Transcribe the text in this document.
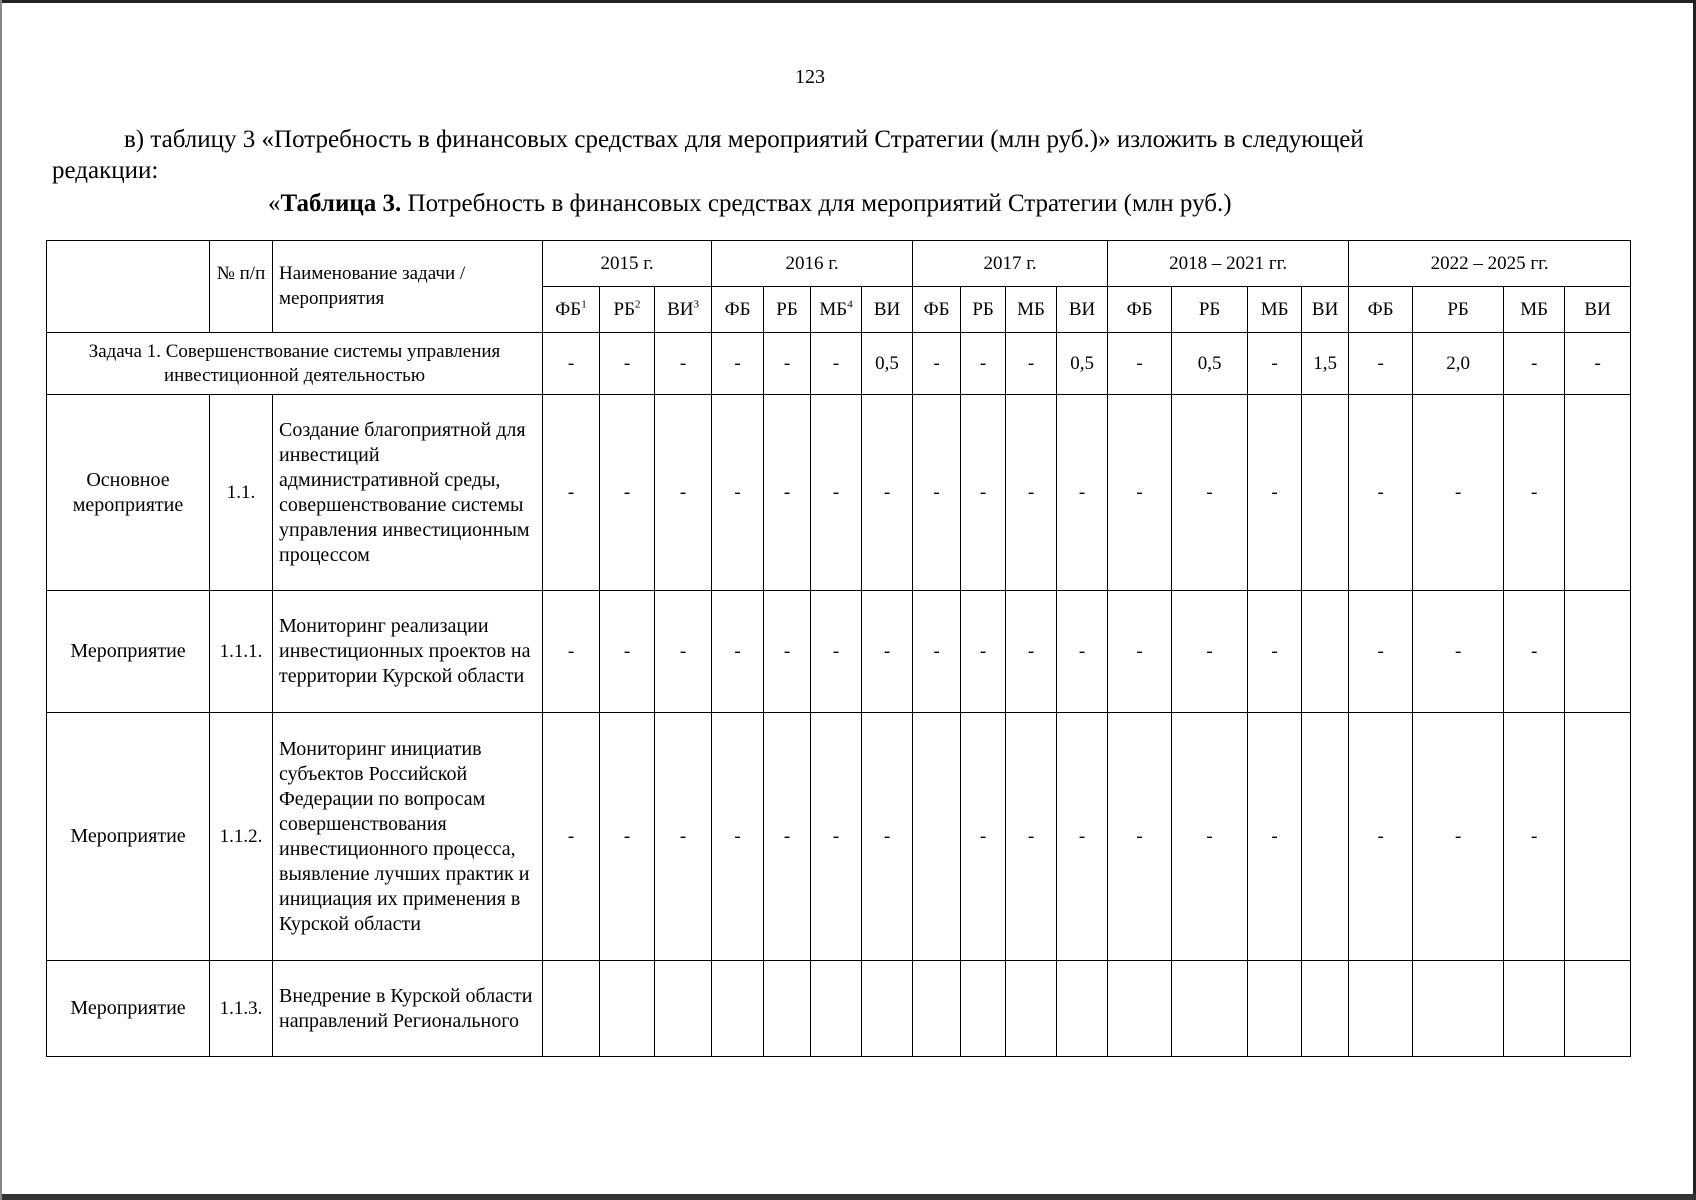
123
в) таблицу 3 «Потребность в финансовых средствах для мероприятий Стратегии (млн руб.)» изложить в следующей
редакции:
«Таблица 3. Потребность в финансовых средствах для мероприятий Стратегии (млн руб.)
	№ п/п	Наименование задачи / мероприятия	2015 г.			2016 г.				2017 г.				2018 – 2021 гг.				2022 – 2025 гг.			
			$ФБ^1$	$РБ^2$	$ВИ^3$	ФБ	РБ	$МБ^4$	ВИ	ФБ	РБ	МБ	ВИ	ФБ	РБ	МБ	ВИ	ФБ	РБ	МБ	ВИ
Задача 1. Совершенствование системы управления инвестиционной деятельностью			-	-	-	-	-	-	0,5	-	-	-	0,5	-	0,5	-	1,5	-	2,0	-	-
Основное мероприятие	1.1.	Создание благоприятной для инвестиций административной среды, совершенствование системы управления инвестиционным процессом	-	-	-	-	-	-	-	-	-	-	-	-	-	-		-	-	-	
Мероприятие	1.1.1.	Мониторинг реализации инвестиционных проектов на территории Курской области	-	-	-	-	-	-	-	-	-	-	-	-	-	-		-	-	-	
Мероприятие	1.1.2.	Мониторинг инициатив субъектов Российской Федерации по вопросам совершенствования инвестиционного процесса, выявление лучших практик и инициация их применения в Курской области	-	-	-	-	-	-	-		-	-	-	-	-	-		-	-	-	
Мероприятие	1.1.3.	Внедрение в Курской области направлений Регионального																			
